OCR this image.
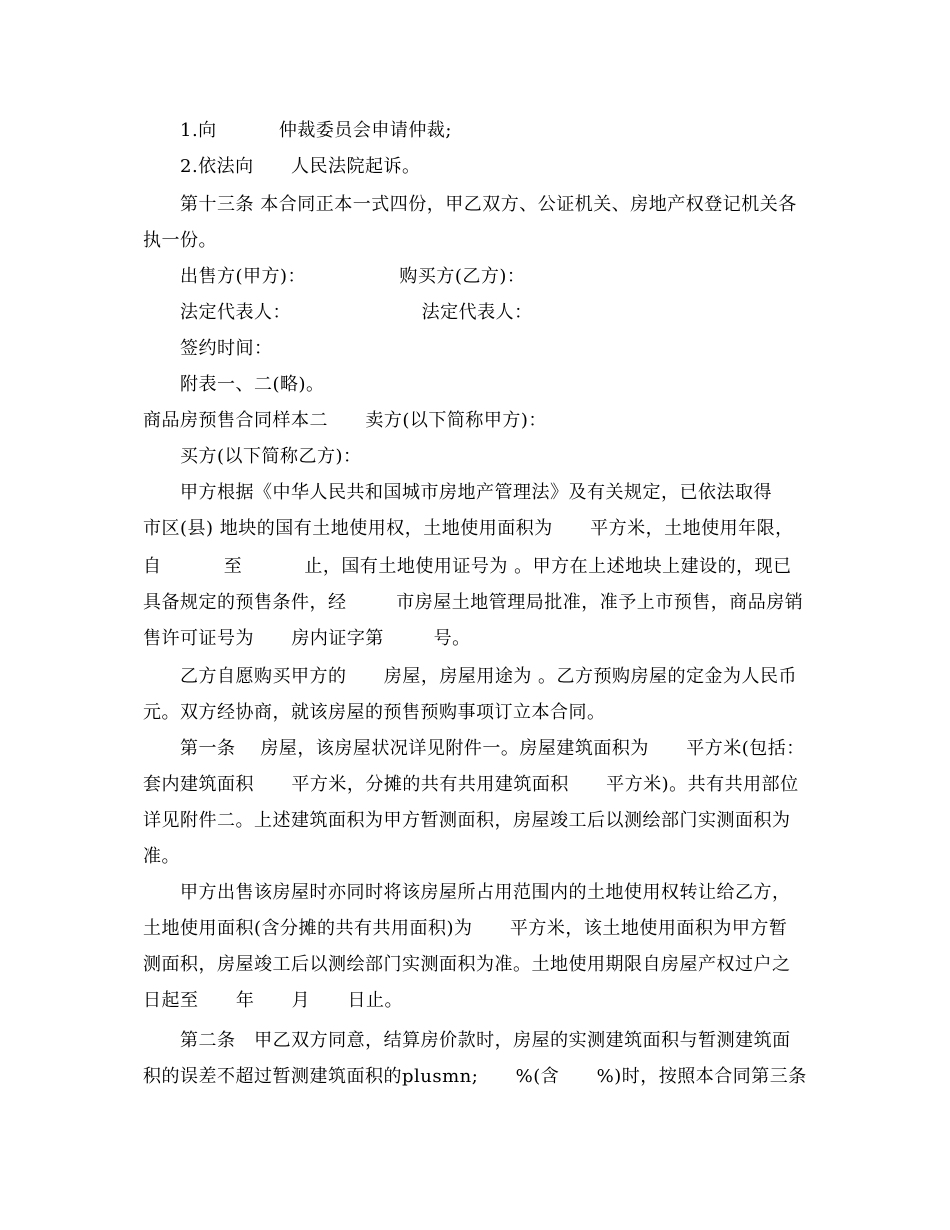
1.向          仲裁委员会申请仲裁;
2.依法向      人民法院起诉。
第十三条 本合同正本一式四份，甲乙双方、公证机关、房地产权登记机关各
执一份。
出售方(甲方)：               购买方(乙方)：
法定代表人：                     法定代表人：
签约时间：
附表一、二(略)。
商品房预售合同样本二      卖方(以下简称甲方)：
买方(以下简称乙方)：
甲方根据《中华人民共和国城市房地产管理法》及有关规定，已依法取得
市区(县) 地块的国有土地使用权，土地使用面积为      平方米，土地使用年限，
自          至          止，国有土地使用证号为 。甲方在上述地块上建设的，现已
具备规定的预售条件，经        市房屋土地管理局批准，准予上市预售，商品房销
售许可证号为      房内证字第        号。
乙方自愿购买甲方的      房屋，房屋用途为 。乙方预购房屋的定金为人民币
元。双方经协商，就该房屋的预售预购事项订立本合同。
第一条    房屋，该房屋状况详见附件一。房屋建筑面积为      平方米(包括：
套内建筑面积      平方米，分摊的共有共用建筑面积      平方米)。共有共用部位
详见附件二。上述建筑面积为甲方暂测面积，房屋竣工后以测绘部门实测面积为
准。
甲方出售该房屋时亦同时将该房屋所占用范围内的土地使用权转让给乙方，
土地使用面积(含分摊的共有共用面积)为      平方米，该土地使用面积为甲方暂
测面积，房屋竣工后以测绘部门实测面积为准。土地使用期限自房屋产权过户之
日起至      年      月      日止。
第二条   甲乙双方同意，结算房价款时，房屋的实测建筑面积与暂测建筑面
积的误差不超过暂测建筑面积的plusmn;      %(含      %)时，按照本合同第三条
